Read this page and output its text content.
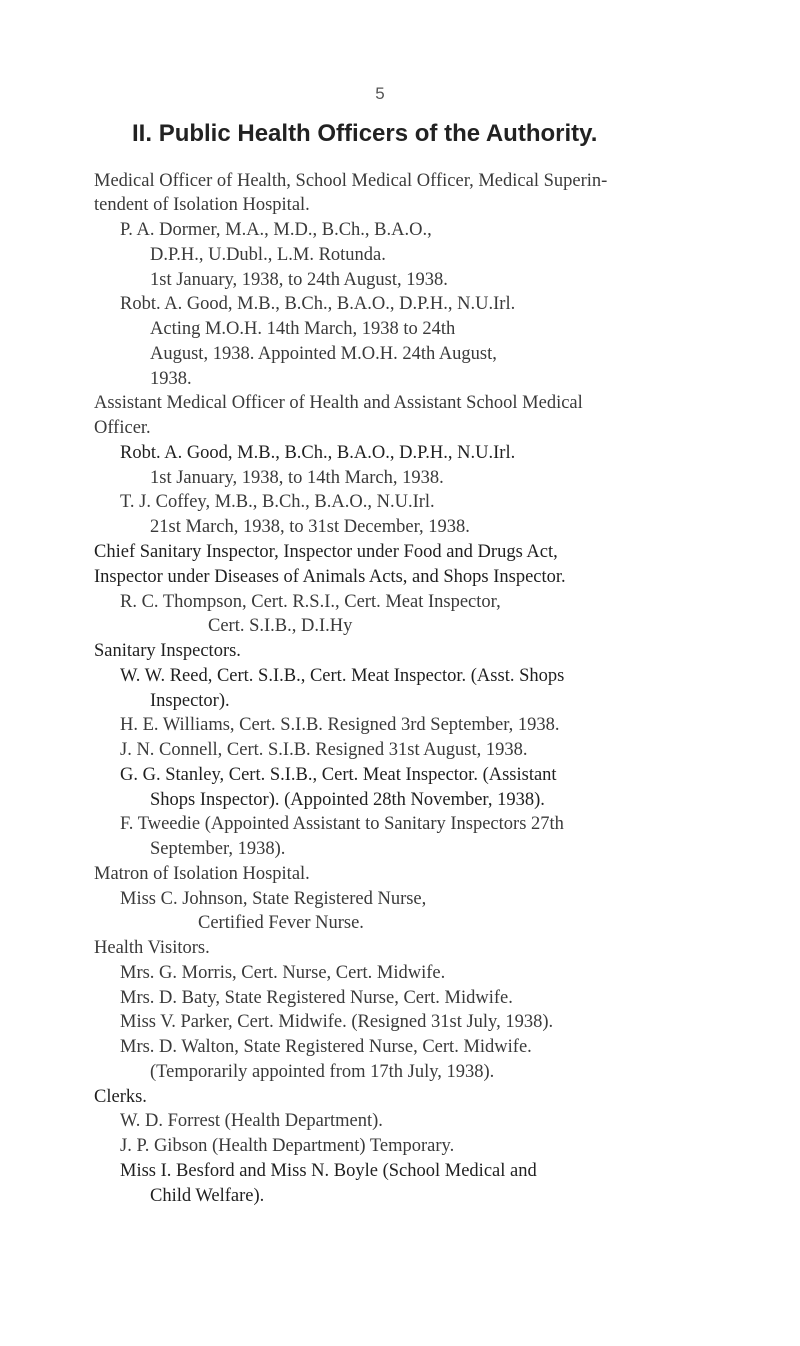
5
II. Public Health Officers of the Authority.
Medical Officer of Health, School Medical Officer, Medical Superin-
tendent of Isolation Hospital.
P. A. Dormer, M.A., M.D., B.Ch., B.A.O.,
D.P.H., U.Dubl., L.M. Rotunda.
1st January, 1938, to 24th August, 1938.
Robt. A. Good, M.B., B.Ch., B.A.O., D.P.H., N.U.Irl.
Acting M.O.H. 14th March, 1938 to 24th
August, 1938. Appointed M.O.H. 24th August,
1938.
Assistant Medical Officer of Health and Assistant School Medical
Officer.
Robt. A. Good, M.B., B.Ch., B.A.O., D.P.H., N.U.Irl.
1st January, 1938, to 14th March, 1938.
T. J. Coffey, M.B., B.Ch., B.A.O., N.U.Irl.
21st March, 1938, to 31st December, 1938.
Chief Sanitary Inspector, Inspector under Food and Drugs Act,
Inspector under Diseases of Animals Acts, and Shops Inspector.
R. C. Thompson, Cert. R.S.I., Cert. Meat Inspector,
Cert. S.I.B., D.I.Hy
Sanitary Inspectors.
W. W. Reed, Cert. S.I.B., Cert. Meat Inspector. (Asst. Shops
Inspector).
H. E. Williams, Cert. S.I.B. Resigned 3rd September, 1938.
J. N. Connell, Cert. S.I.B. Resigned 31st August, 1938.
G. G. Stanley, Cert. S.I.B., Cert. Meat Inspector. (Assistant
Shops Inspector). (Appointed 28th November, 1938).
F. Tweedie (Appointed Assistant to Sanitary Inspectors 27th
September, 1938).
Matron of Isolation Hospital.
Miss C. Johnson, State Registered Nurse,
Certified Fever Nurse.
Health Visitors.
Mrs. G. Morris, Cert. Nurse, Cert. Midwife.
Mrs. D. Baty, State Registered Nurse, Cert. Midwife.
Miss V. Parker, Cert. Midwife. (Resigned 31st July, 1938).
Mrs. D. Walton, State Registered Nurse, Cert. Midwife.
(Temporarily appointed from 17th July, 1938).
Clerks.
W. D. Forrest (Health Department).
J. P. Gibson (Health Department) Temporary.
Miss I. Besford and Miss N. Boyle (School Medical and
Child Welfare).
